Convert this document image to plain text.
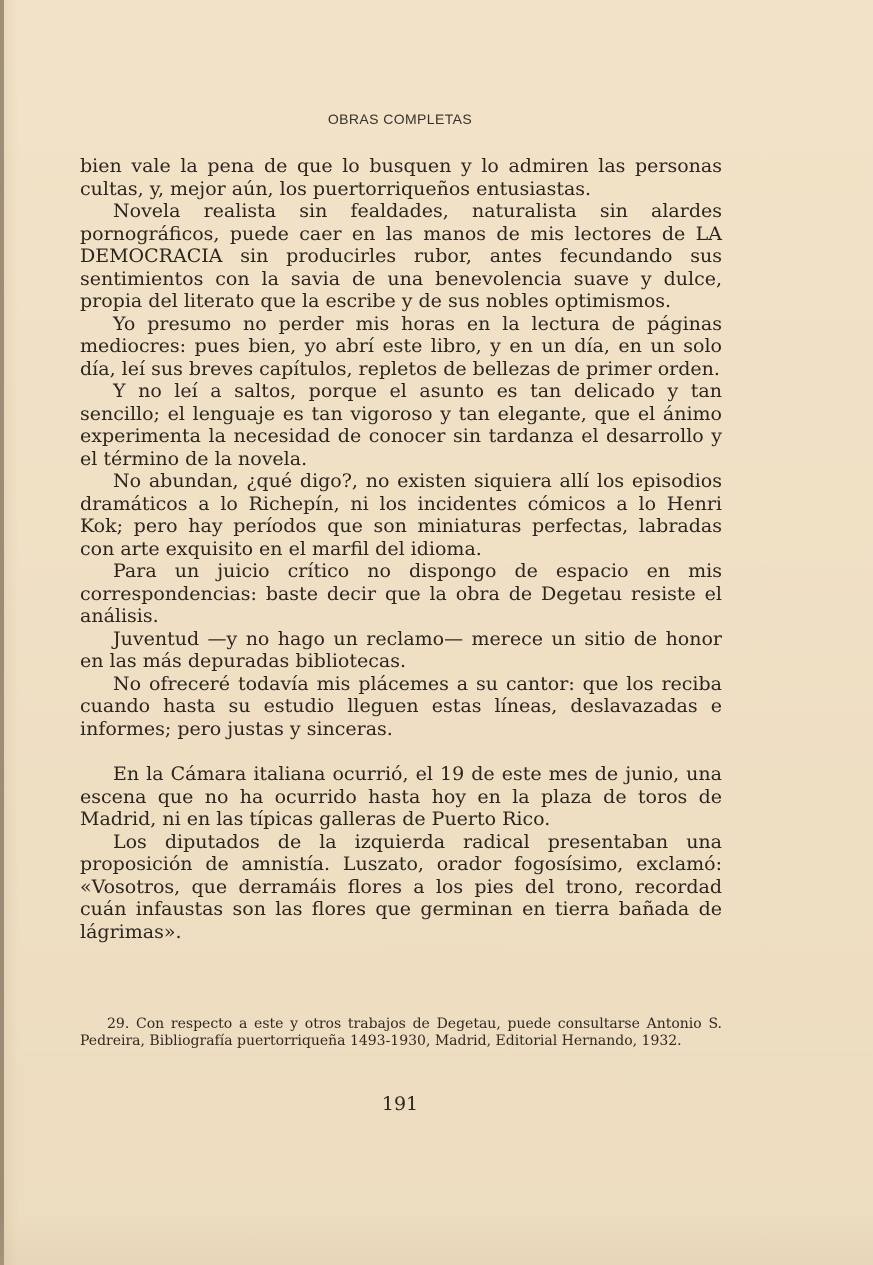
OBRAS COMPLETAS

bien vale la pena de que lo busquen y lo admiren las personas cultas, y, mejor aún, los puertorriqueños entusiastas.

Novela realista sin fealdades, naturalista sin alardes pornográficos, puede caer en las manos de mis lectores de LA DEMOCRACIA sin producirles rubor, antes fecundando sus sentimientos con la savia de una benevolencia suave y dulce, propia del literato que la escribe y de sus nobles optimismos.

Yo presumo no perder mis horas en la lectura de páginas mediocres: pues bien, yo abrí este libro, y en un día, en un solo día, leí sus breves capítulos, repletos de bellezas de primer orden.

Y no leí a saltos, porque el asunto es tan delicado y tan sencillo; el lenguaje es tan vigoroso y tan elegante, que el ánimo experimenta la necesidad de conocer sin tardanza el desarrollo y el término de la novela.

No abundan, ¿qué digo?, no existen siquiera allí los episodios dramáticos a lo Richepín, ni los incidentes cómicos a lo Henri Kok; pero hay períodos que son miniaturas perfectas, labradas con arte exquisito en el marfil del idioma.

Para un juicio crítico no dispongo de espacio en mis correspondencias: baste decir que la obra de Degetau resiste el análisis.

Juventud —y no hago un reclamo— merece un sitio de honor en las más depuradas bibliotecas.

No ofreceré todavía mis plácemes a su cantor: que los reciba cuando hasta su estudio lleguen estas líneas, deslavazadas e informes; pero justas y sinceras.

En la Cámara italiana ocurrió, el 19 de este mes de junio, una escena que no ha ocurrido hasta hoy en la plaza de toros de Madrid, ni en las típicas galleras de Puerto Rico.

Los diputados de la izquierda radical presentaban una proposición de amnistía. Luszato, orador fogosísimo, exclamó: «Vosotros, que derramáis flores a los pies del trono, recordad cuán infaustas son las flores que germinan en tierra bañada de lágrimas».

29. Con respecto a este y otros trabajos de Degetau, puede consultarse Antonio S. Pedreira, Bibliografía puertorriqueña 1493-1930, Madrid, Editorial Hernando, 1932.

191
